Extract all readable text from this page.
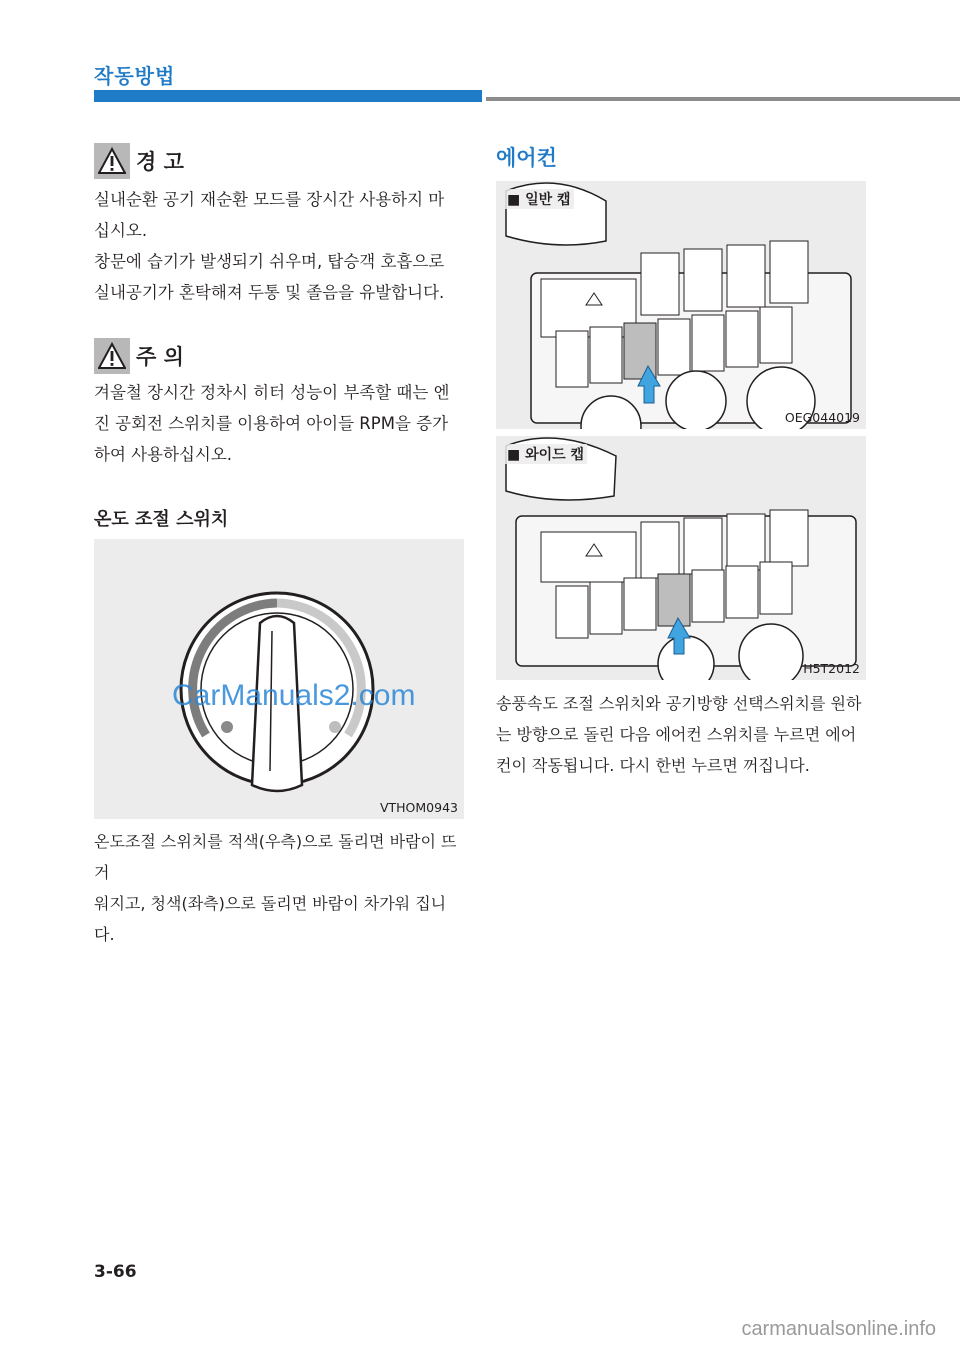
작동방법
경 고
실내순환 공기 재순환 모드를 장시간 사용하지 마
십시오.
창문에 습기가 발생되기 쉬우며, 탑승객 호흡으로
실내공기가 혼탁해져 두통 및 졸음을 유발합니다.
주 의
겨울철 장시간 정차시 히터 성능이 부족할 때는 엔
진 공회전 스위치를 이용하여 아이들 RPM을 증가
하여 사용하십시오.
온도 조절 스위치
CarManuals2.com
VTHOM0943
온도조절 스위치를 적색(우측)으로 돌리면 바람이 뜨거
워지고, 청색(좌측)으로 돌리면 바람이 차가워 집니다.
에어컨
■ 일반 캡
OEG044019
■ 와이드 캡
H5T2012
송풍속도 조절 스위치와 공기방향 선택스위치를 원하
는 방향으로 돌린 다음 에어컨 스위치를 누르면 에어
컨이 작동됩니다. 다시 한번 누르면 꺼집니다.
3-66
carmanualsonline.info
